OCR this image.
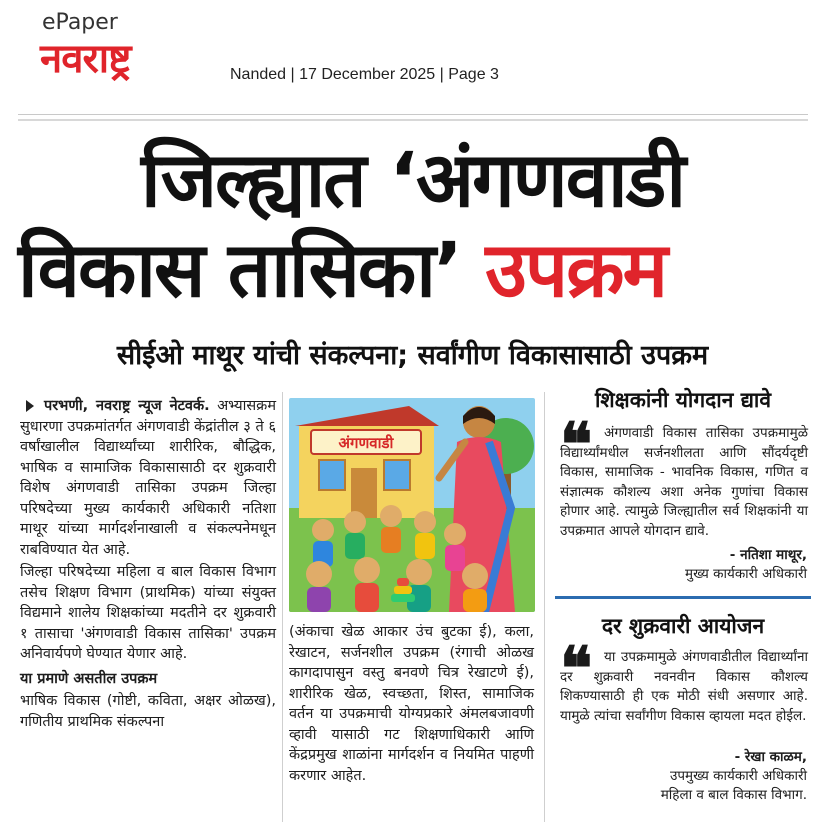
ePaper
नवराष्ट्र	Nanded | 17 December 2025 | Page 3
जिल्ह्यात ‘अंगणवाडी
विकास तासिका’ उपक्रम
सीईओ माथूर यांची संकल्पना; सर्वांगीण विकासासाठी उपक्रम

परभणी, नवराष्ट्र न्यूज नेटवर्क. अभ्यासक्रम सुधारणा उपक्रमांतर्गत अंगणवाडी केंद्रांतील ३ ते ६ वर्षांखालील विद्यार्थ्यांच्या शारीरिक, बौद्धिक, भाषिक व सामाजिक विकासासाठी दर शुक्रवारी विशेष अंगणवाडी तासिका उपक्रम जिल्हा परिषदेच्या मुख्य कार्यकारी अधिकारी नतिशा माथूर यांच्या मार्गदर्शनाखाली व संकल्पनेमधून राबविण्यात येत आहे.

जिल्हा परिषदेच्या महिला व बाल विकास विभाग तसेच शिक्षण विभाग (प्राथमिक) यांच्या संयुक्त विद्यमाने शालेय शिक्षकांच्या मदतीने दर शुक्रवारी १ तासाचा 'अंगणवाडी विकास तासिका' उपक्रम अनिवार्यपणे घेण्यात येणार आहे.

या प्रमाणे असतील उपक्रम

भाषिक विकास (गोष्टी, कविता, अक्षर ओळख), गणितीय प्राथमिक संकल्पना

अंगणवाडी

(अंकाचा खेळ आकार उंच बुटका ई), कला, रेखाटन, सर्जनशील उपक्रम (रंगाची ओळख कागदापासुन वस्तु बनवणे चित्र रेखाटणे ई), शारीरिक खेळ, स्वच्छता, शिस्त, सामाजिक वर्तन या उपक्रमाची योग्यप्रकारे अंमलबजावणी व्हावी यासाठी गट शिक्षणाधिकारी आणि केंद्रप्रमुख शाळांना मार्गदर्शन व नियमित पाहणी करणार आहेत.

शिक्षकांनी योगदान द्यावे
❝ अंगणवाडी विकास तासिका उपक्रमामुळे विद्यार्थ्यांमधील सर्जनशीलता आणि सौंदर्यदृष्टी विकास, सामाजिक - भावनिक विकास, गणित व संज्ञात्मक कौशल्य अशा अनेक गुणांचा विकास होणार आहे. त्यामुळे जिल्ह्यातील सर्व शिक्षकांनी या उपक्रमात आपले योगदान द्यावे.
- नतिशा माथूर,
मुख्य कार्यकारी अधिकारी
दर शुक्रवारी आयोजन
❝ या उपक्रमामुळे अंगणवाडीतील विद्यार्थ्यांना दर शुक्रवारी नवनवीन विकास कौशल्य शिकण्यासाठी ही एक मोठी संधी असणार आहे. यामुळे त्यांचा सर्वांगीण विकास व्हायला मदत होईल.
- रेखा काळम,
उपमुख्य कार्यकारी अधिकारी
महिला व बाल विकास विभाग.
